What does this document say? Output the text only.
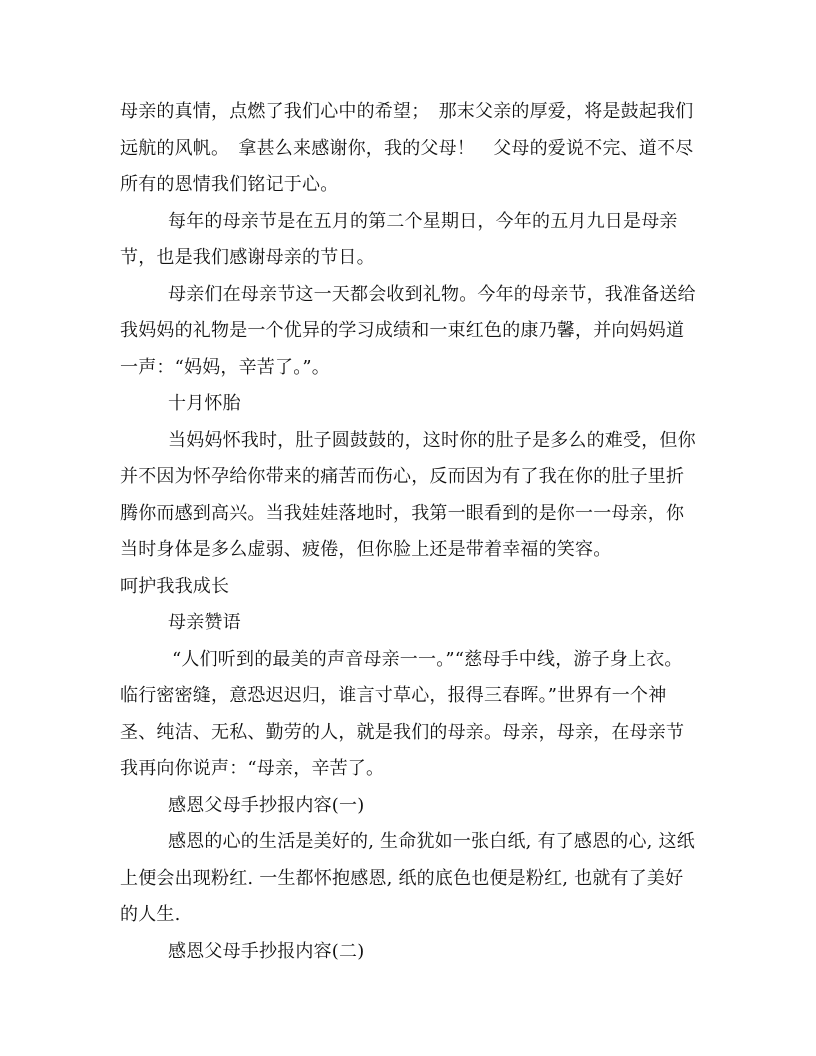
母亲的真情，点燃了我们心中的希望；　那末父亲的厚爱，将是鼓起我们远航的风帆。　拿甚么来感谢你，我的父母！　父母的爱说不完、道不尽　所有的恩情我们铭记于心。

每年的母亲节是在五月的第二个星期日，今年的五月九日是母亲节，也是我们感谢母亲的节日。

母亲们在母亲节这一天都会收到礼物。今年的母亲节，我准备送给我妈妈的礼物是一个优异的学习成绩和一束红色的康乃馨，并向妈妈道一声：“妈妈，辛苦了。”。

十月怀胎

当妈妈怀我时，肚子圆鼓鼓的，这时你的肚子是多么的难受，但你并不因为怀孕给你带来的痛苦而伤心，反而因为有了我在你的肚子里折腾你而感到高兴。当我娃娃落地时，我第一眼看到的是你一一母亲，你当时身体是多么虚弱、疲倦，但你脸上还是带着幸福的笑容。

呵护我我成长

母亲赞语

“人们听到的最美的声音母亲一一。”“慈母手中线，游子身上衣。临行密密缝，意恐迟迟归，谁言寸草心，报得三春晖。”世界有一个神圣、纯洁、无私、勤劳的人，就是我们的母亲。母亲，母亲，在母亲节我再向你说声：“母亲，辛苦了。

感恩父母手抄报内容(一)

感恩的心的生活是美好的, 生命犹如一张白纸, 有了感恩的心, 这纸上便会出现粉红. 一生都怀抱感恩, 纸的底色也便是粉红, 也就有了美好的人生.

感恩父母手抄报内容(二)
